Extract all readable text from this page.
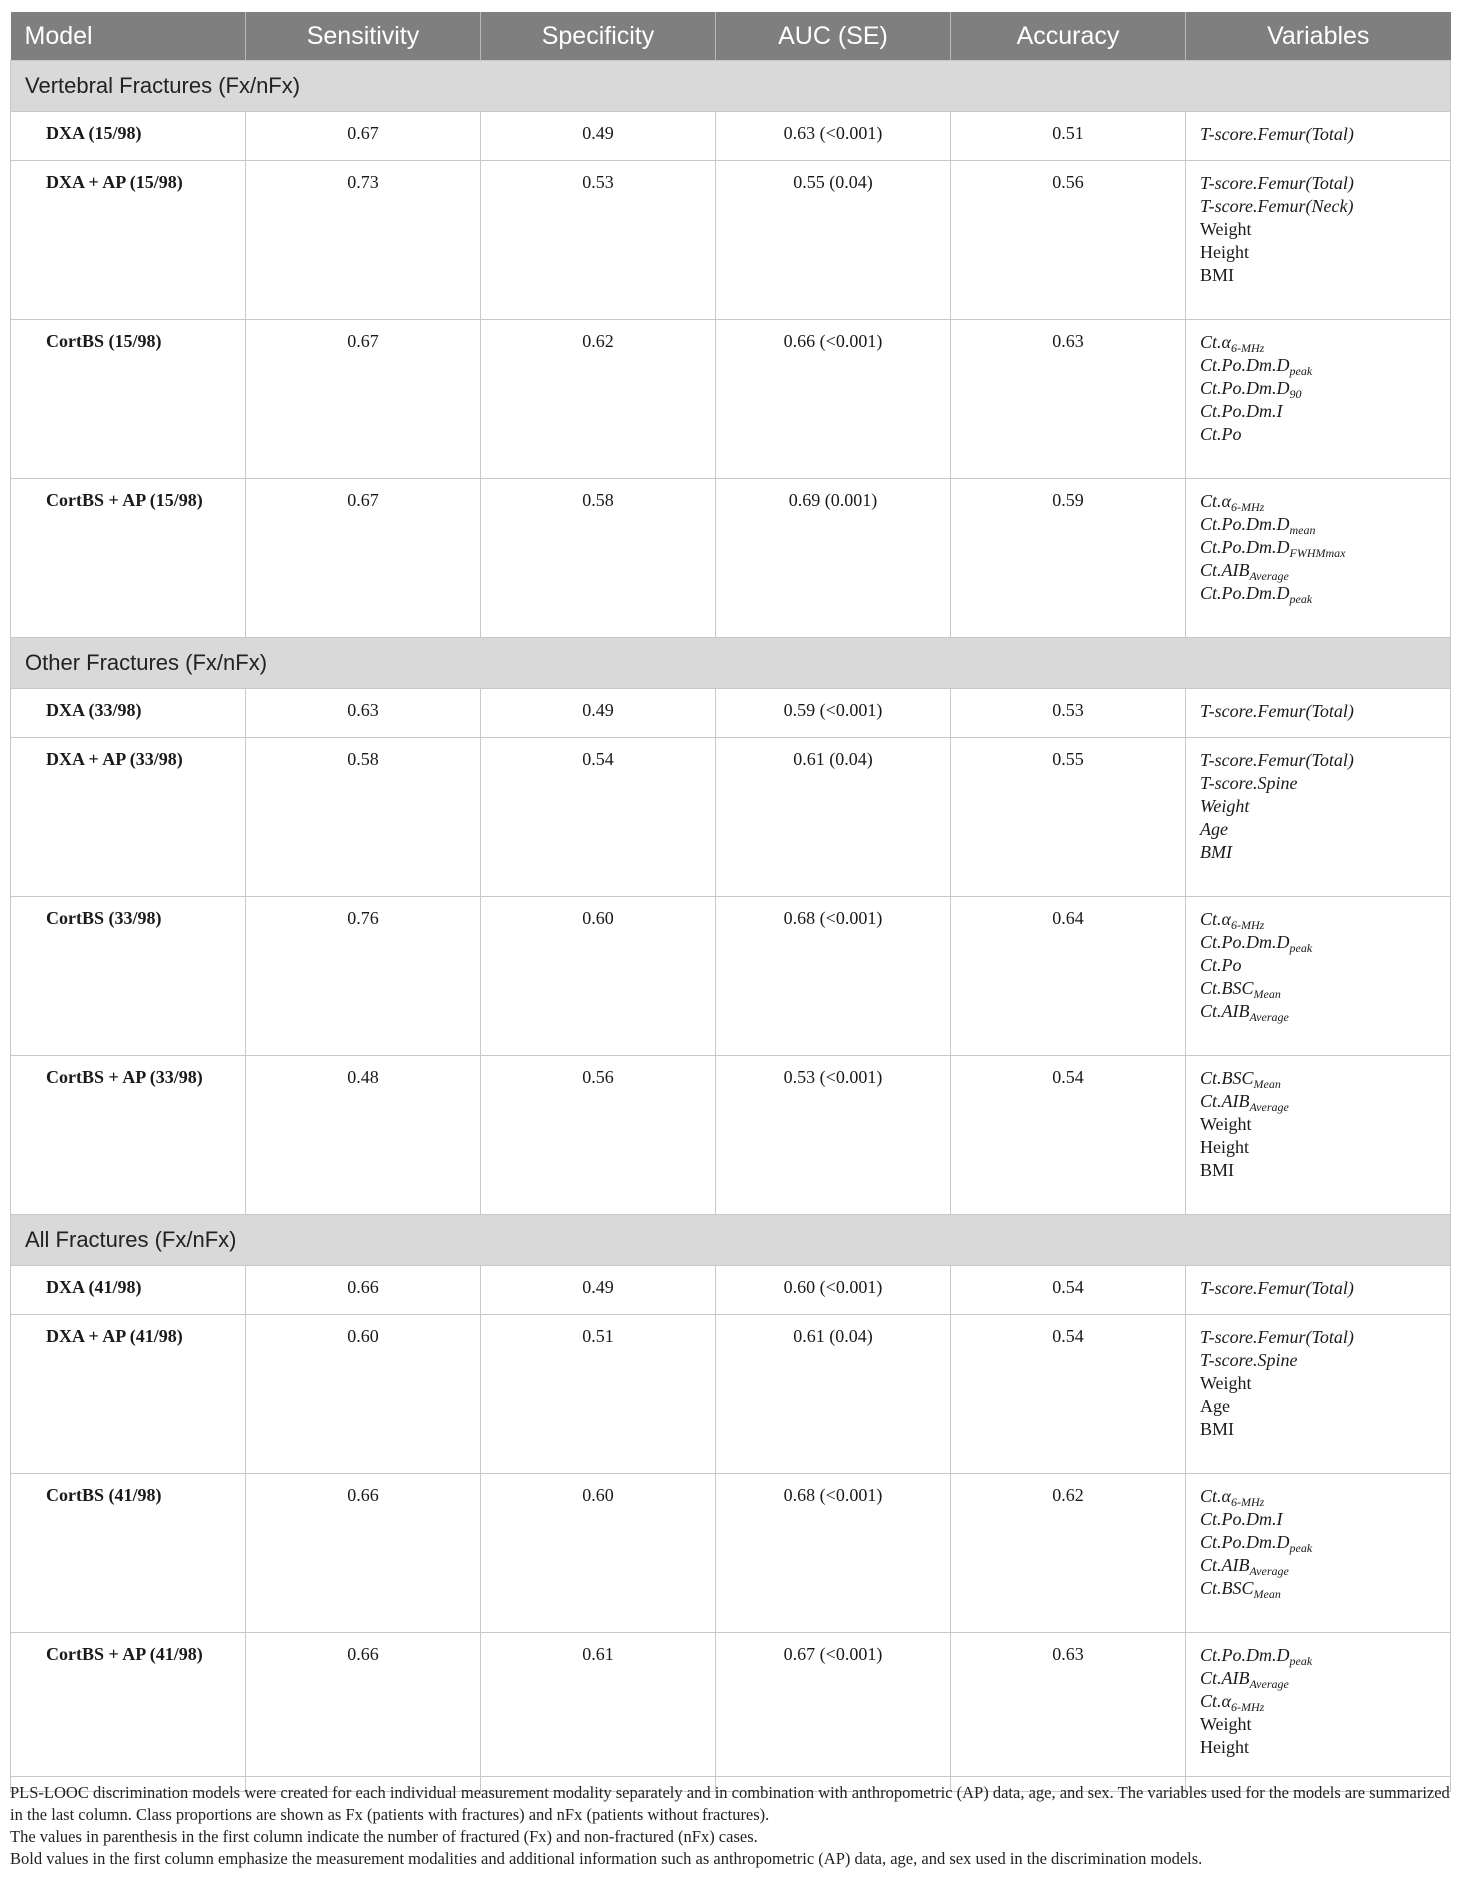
Model	Sensitivity	Specificity	AUC (SE)	Accuracy	Variables
Vertebral Fractures (Fx/nFx)					
DXA (15/98)	0.67	0.49	0.63 (<0.001)	0.51	T-score.Femur(Total)

DXA + AP (15/98)	0.73	0.53	0.55 (0.04)	0.56	T-score.Femur(Total)
T-score.Femur(Neck)
Weight
Height
BMI

CortBS (15/98)	0.67	0.62	0.66 (<0.001)	0.63	$Ct.\alpha_{6-MHz}$
$Ct.Po.Dm.D_{peak}$
$Ct.Po.Dm.D_{90}$
Ct.Po.Dm.I
Ct.Po

CortBS + AP (15/98)	0.67	0.58	0.69 (0.001)	0.59	$Ct.\alpha_{6-MHz}$
$Ct.Po.Dm.D_{mean}$
$Ct.Po.Dm.D_{FWHMmax}$
$Ct.AIB_{Average}$
$Ct.Po.Dm.D_{peak}$

Other Fractures (Fx/nFx)					
DXA (33/98)	0.63	0.49	0.59 (<0.001)	0.53	T-score.Femur(Total)

DXA + AP (33/98)	0.58	0.54	0.61 (0.04)	0.55	T-score.Femur(Total)
T-score.Spine
Weight
Age
BMI

CortBS (33/98)	0.76	0.60	0.68 (<0.001)	0.64	$Ct.\alpha_{6-MHz}$
$Ct.Po.Dm.D_{peak}$
Ct.Po
$Ct.BSC_{Mean}$
$Ct.AIB_{Average}$

CortBS + AP (33/98)	0.48	0.56	0.53 (<0.001)	0.54	$Ct.BSC_{Mean}$
$Ct.AIB_{Average}$
Weight
Height
BMI

All Fractures (Fx/nFx)					
DXA (41/98)	0.66	0.49	0.60 (<0.001)	0.54	T-score.Femur(Total)

DXA + AP (41/98)	0.60	0.51	0.61 (0.04)	0.54	T-score.Femur(Total)
T-score.Spine
Weight
Age
BMI

CortBS (41/98)	0.66	0.60	0.68 (<0.001)	0.62	$Ct.\alpha_{6-MHz}$
Ct.Po.Dm.I
$Ct.Po.Dm.D_{peak}$
$Ct.AIB_{Average}$
$Ct.BSC_{Mean}$

CortBS + AP (41/98)	0.66	0.61	0.67 (<0.001)	0.63	$Ct.Po.Dm.D_{peak}$
$Ct.AIB_{Average}$
$Ct.\alpha_{6-MHz}$
Weight
Height

PLS-LOOC discrimination models were created for each individual measurement modality separately and in combination with anthropometric (AP) data, age, and sex. The variables used for the models are summarized in the last column. Class proportions are shown as Fx (patients with fractures) and nFx (patients without fractures).

The values in parenthesis in the first column indicate the number of fractured (Fx) and non-fractured (nFx) cases.

Bold values in the first column emphasize the measurement modalities and additional information such as anthropometric (AP) data, age, and sex used in the discrimination models.
